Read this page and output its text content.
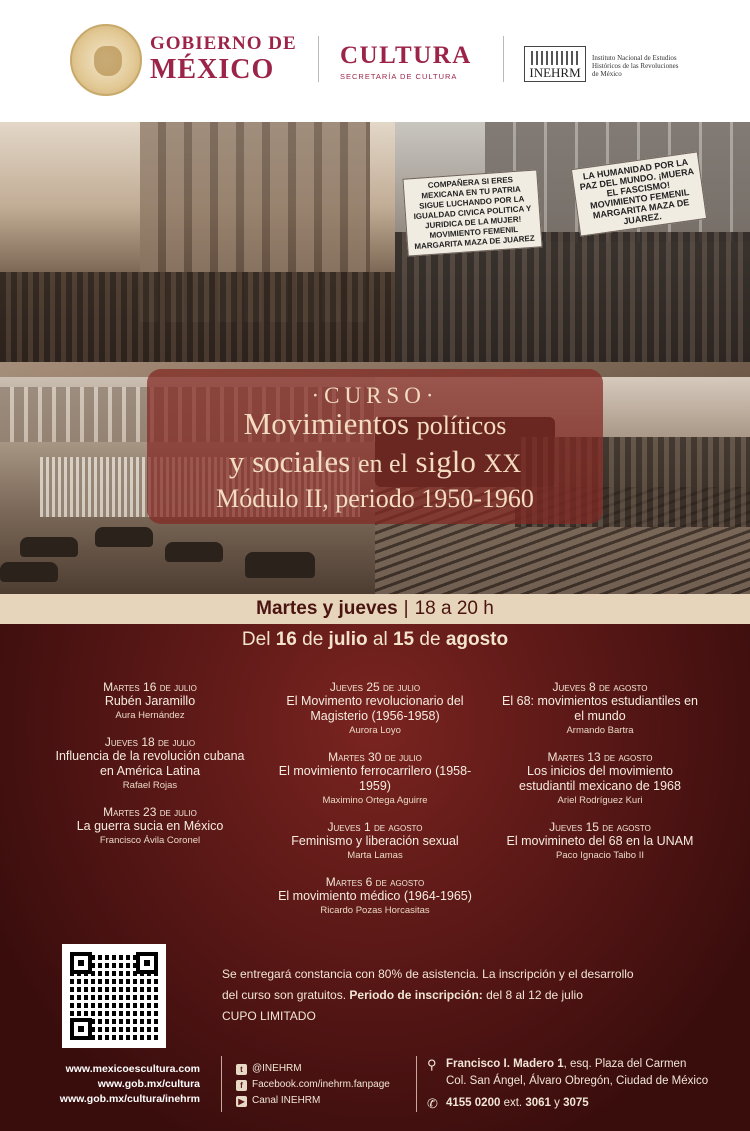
GOBIERNO DE
MÉXICO	CULTURA
SECRETARÍA DE CULTURA	INEHRM
Instituto Nacional de Estudios Históricos de las Revoluciones de México
COMPAÑERA SI ERES MEXICANA EN TU PATRIA SIGUE LUCHANDO POR LA IGUALDAD CIVICA POLITICA Y JURIDICA DE LA MUJER! MOVIMIENTO FEMENIL MARGARITA MAZA DE JUAREZ
LA HUMANIDAD POR LA PAZ DEL MUNDO. ¡MUERA EL FASCISMO! MOVIMIENTO FEMENIL MARGARITA MAZA DE JUAREZ.
·CURSO·
Movimientos políticos
y sociales en el siglo XX
Módulo II, periodo 1950-1960
Martes y jueves | 18 a 20 h
Del 16 de julio al 15 de agosto
Martes 16 de julio
Rubén Jaramillo
Aura Hernández
Jueves 18 de julio
Influencia de la revolución cubana en América Latina
Rafael Rojas
Martes 23 de julio
La guerra sucia en México
Francisco Ávila Coronel
Jueves 25 de julio
El Movimento revolucionario del Magisterio (1956-1958)
Aurora Loyo
Martes 30 de julio
El movimiento ferrocarrilero (1958-1959)
Maximino Ortega Aguirre
Jueves 1 de agosto
Feminismo y liberación sexual
Marta Lamas
Martes 6 de agosto
El movimiento médico (1964-1965)
Ricardo Pozas Horcasitas
Jueves 8 de agosto
El 68: movimientos estudiantiles en el mundo
Armando Bartra
Martes 13 de agosto
Los inicios del movimiento estudiantil mexicano de 1968
Ariel Rodríguez Kuri
Jueves 15 de agosto
El movimineto del 68 en la UNAM
Paco Ignacio Taibo II
Se entregará constancia con 80% de asistencia. La inscripción y el desarrollo
del curso son gratuitos. Periodo de inscripción: del 8 al 12 de julio
CUPO LIMITADO
www.mexicoescultura.com
www.gob.mx/cultura
www.gob.mx/cultura/inehrm
t @INEHRM
f Facebook.com/inehrm.fanpage
▶ Canal INEHRM
⚲ Francisco I. Madero 1, esq. Plaza del Carmen
Col. San Ángel, Álvaro Obregón, Ciudad de México
✆ 4155 0200 ext. 3061 y 3075
